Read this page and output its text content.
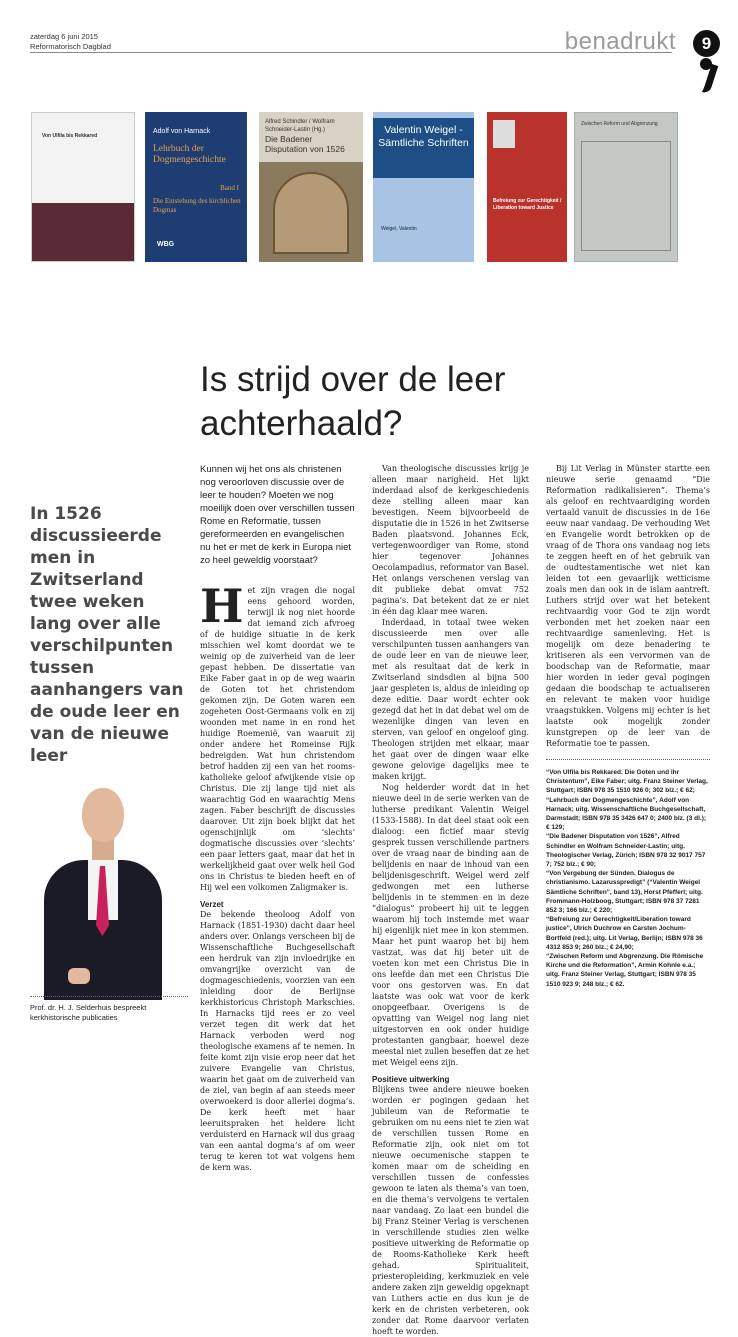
zaterdag 6 juni 2015
Reformatorisch Dagblad	benadrukt	9
Von Ulfila bis Rekkared
Adolf von Harnack
Lehrbuch der Dogmengeschichte
Band I
Die Entstehung des kirchlichen Dogmas
WBG
Alfred Schindler / Wolfram Schneider-Lastin (Hg.)
Die Badener Disputation von 1526
Valentin Weigel - Sämtliche Schriften
Weigel, Valentin
Befreiung zur Gerechtigkeit / Liberation toward Justice
Zwischen Reform und Abgrenzung
Is strijd over de leer
achterhaald?
In 1526 discussieerde men in Zwitserland twee weken lang over alle verschilpunten tussen aanhangers van de oude leer en van de nieuwe leer
Prof. dr. H. J. Selderhuis bespreekt kerkhistorische publicaties
Kunnen wij het ons als christenen nog veroorloven discussie over de leer te houden? Moeten we nog moeilijk doen over verschillen tussen Rome en Reformatie, tussen gereformeerden en evangelischen nu het er met de kerk in Europa niet zo heel geweldig voorstaat?

Het zijn vragen die nogal eens gehoord worden, terwijl ik nog niet hoorde dat iemand zich afvroeg of de huidige situatie in de kerk misschien wel komt doordat we te weinig op de zuiverheid van de leer gepast hebben. De dissertatie van Eike Faber gaat in op de weg waarin de Goten tot het christendom gekomen zijn. De Goten waren een zogeheten Oost-Germaans volk en zij woonden met name in en rond het huidige Roemenië, van waaruit zij onder andere het Romeinse Rijk bedreigden. Wat hun christendom betrof hadden zij een van het rooms-katholieke geloof afwijkende visie op Christus. Die zij lange tijd niet als waarachtig God en waarachtig Mens zagen. Faber beschrijft de discussies daarover. Uit zijn boek blijkt dat het ogenschijnlijk om ‘slechts’ dogmatische discussies over ‘slechts’ een paar letters gaat, maar dat het in werkelijkheid gaat over welk heil God ons in Christus te bieden heeft en of Hij wel een volkomen Zaligmaker is.

Verzet

De bekende theoloog Adolf von Harnack (1851-1930) dacht daar heel anders over. Onlangs verscheen bij de Wissenschaftliche Buchgesellschaft een herdruk van zijn invloedrijke en omvangrijke overzicht van de dogmageschiedenis, voorzien van een inleiding door de Berlijnse kerkhistoricus Christoph Markschies. In Harnacks tijd rees er zo veel verzet tegen dit werk dat het Harnack verboden werd nog theologische examens af te nemen. In feite komt zijn visie erop neer dat het zuivere Evangelie van Christus, waarin het gaat om de zuiverheid van de ziel, van begin af aan steeds meer overwoekerd is door allerlei dogma’s. De kerk heeft met haar leeruitspraken het heldere licht verduisterd en Harnack wil dus graag van een aantal dogma’s af om weer terug te keren tot wat volgens hem de kern was.

Van theologische discussies krijg je alleen maar narigheid. Het lijkt inderdaad alsof de kerkgeschiedenis deze stelling alleen maar kan bevestigen. Neem bijvoorbeeld de disputatie die in 1526 in het Zwitserse Baden plaatsvond. Johannes Eck, vertegenwoordiger van Rome, stond hier tegenover Johannes Oecolampadius, reformator van Basel. Het onlangs verschenen verslag van dit publieke debat omvat 752 pagina’s. Dat betekent dat ze er niet in één dag klaar mee waren.

Inderdaad, in totaal twee weken discussieerde men over alle verschilpunten tussen aanhangers van de oude leer en van de nieuwe leer, met als resultaat dat de kerk in Zwitserland sindsdien al bijna 500 jaar gespleten is, aldus de inleiding op deze editie. Daar wordt echter ook gezegd dat het in dat debat wel om de wezenlijke dingen van leven en sterven, van geloof en ongeloof ging. Theologen strijden met elkaar, maar het gaat over de dingen waar elke gewone gelovige dagelijks mee te maken krijgt.

Nog helderder wordt dat in het nieuwe deel in de serie werken van de lutherse predikant Valentin Weigel (1533-1588). In dat deel staat ook een dialoog: een fictief maar stevig gesprek tussen verschillende partners over de vraag naar de binding aan de belijdenis en naar de inhoud van een belijdenisgeschrift. Weigel werd zelf gedwongen met een lutherse belijdenis in te stemmen en in deze “dialogus” probeert hij uit te leggen waarom hij toch instemde met waar hij eigenlijk niet mee in kon stemmen. Maar het punt waarop het bij hem vastzat, was dat hij beter uit de voeten kon met een Christus Die in ons leefde dan met een Christus Die voor ons gestorven was. En dat laatste was ook wat voor de kerk onopgeefbaar. Overigens is de opvatting van Weigel nog lang niet uitgestorven en ook onder huidige protestanten gangbaar, hoewel deze meestal niet zullen beseffen dat ze het met Weigel eens zijn.

Positieve uitwerking

Blijkens twee andere nieuwe boeken worden er pogingen gedaan het jubileum van de Reformatie te gebruiken om nu eens niet te zien wat de verschillen tussen Rome en Reformatie zijn, ook niet om tot nieuwe oecumenische stappen te komen maar om de scheiding en verschillen tussen de confessies gewoon te laten als thema’s van toen, en die thema’s vervolgens te vertalen naar vandaag. Zo laat een bundel die bij Franz Steiner Verlag is verschenen in verschillende studies zien welke positieve uitwerking de Reformatie op de Rooms-Katholieke Kerk heeft gehad. Spiritualiteit, priesteropleiding, kerkmuziek en vele andere zaken zijn geweldig opgeknapt van Luthers actie en dus kun je de kerk en de christen verbeteren, ook zonder dat Rome daarvoor verlaten hoeft te worden.

Bij Lit Verlag in Münster startte een nieuwe serie genaamd “Die Reformation radikalisieren”. Thema’s als geloof en rechtvaardiging worden vertaald vanuit de discussies in de 16e eeuw naar vandaag. De verhouding Wet en Evangelie wordt betrokken op de vraag of de Thora ons vandaag nog iets te zeggen heeft en of het gebruik van de oudtestamentische wet niet kan leiden tot een gevaarlijk wetticisme zoals men dan ook in de islam aantreft. Luthers strijd over wat het betekent rechtvaardig voor God te zijn wordt verbonden met het zoeken naar een rechtvaardige samenleving. Het is mogelijk om deze benadering te kritiseren als een vervormen van de boodschap van de Reformatie, maar hier worden in ieder geval pogingen gedaan die boodschap te actualiseren en relevant te maken voor huidige vraagstukken. Volgens mij echter is het laatste ook mogelijk zonder kunstgrepen op de leer van de Reformatie toe te passen.

“Von Ulfila bis Rekkared. Die Goten und ihr Christentum”, Eike Faber; uitg. Franz Steiner Verlag, Stuttgart; ISBN 978 35 1510 926 0; 302 blz.; € 62;
“Lehrbuch der Dogmengeschichte”, Adolf von Harnack; uitg. Wissenschaftliche Buchgesellschaft, Darmstadt; ISBN 978 35 3426 647 0; 2400 blz. (3 dl.); € 129;
“Die Badener Disputation von 1526”, Alfred Schindler en Wolfram Schneider-Lastin; uitg. Theologischer Verlag, Zürich; ISBN 978 32 9017 757 7; 752 blz.; € 90;
“Von Vergebung der Sünden. Dialogus de christianismo. Lazarusspredigt” (“Valentin Weigel Sämtliche Schriften”, band 13), Horst Pfefferl; uitg. Frommann-Holzboog, Stuttgart; ISBN 978 37 7281 852 3; 166 blz.; € 220;
“Befreiung zur Gerechtigkeit/Liberation toward justice”, Ulrich Duchrow en Carsten Jochum-Bortfeld (red.); uitg. Lit Verlag, Berlijn; ISBN 978 36 4312 853 9; 260 blz.; € 24,90;
“Zwischen Reform und Abgrenzung. Die Römische Kirche und die Reformation”, Armin Kohnle e.a.; uitg. Franz Steiner Verlag, Stuttgart; ISBN 978 35 1510 923 9; 248 blz.; € 62.
